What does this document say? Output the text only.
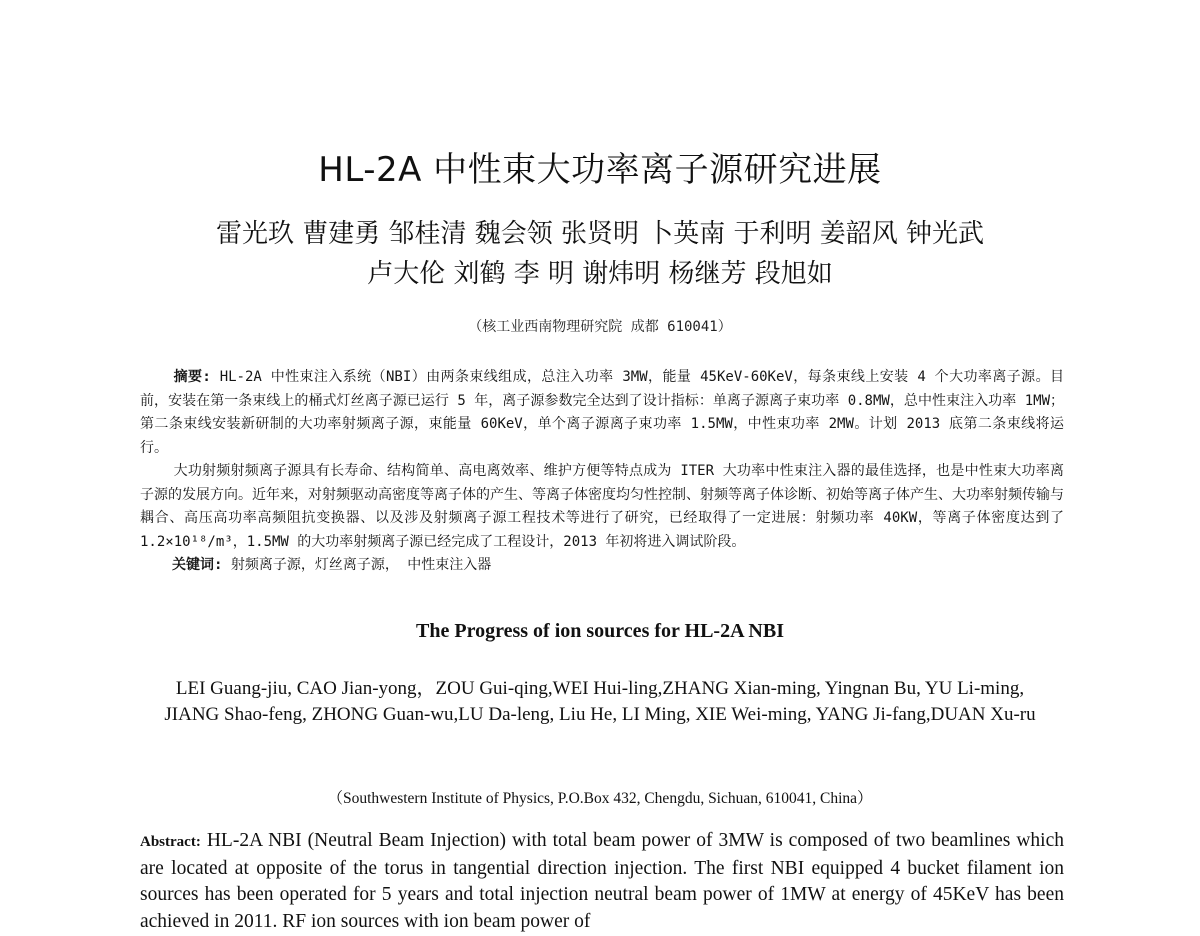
HL-2A 中性束大功率离子源研究进展
雷光玖 曹建勇 邹桂清 魏会领 张贤明 卜英南 于利明 姜韶风 钟光武
卢大伦 刘鹤 李 明 谢炜明 杨继芳 段旭如
（核工业西南物理研究院 成都 610041）

摘要: HL-2A 中性束注入系统（NBI）由两条束线组成，总注入功率 3MW，能量 45KeV-60KeV，每条束线上安装 4 个大功率离子源。目前，安装在第一条束线上的桶式灯丝离子源已运行 5 年，离子源参数完全达到了设计指标：单离子源离子束功率 0.8MW，总中性束注入功率 1MW；第二条束线安装新研制的大功率射频离子源，束能量 60KeV，单个离子源离子束功率 1.5MW，中性束功率 2MW。计划 2013 底第二条束线将运行。

大功射频射频离子源具有长寿命、结构简单、高电离效率、维护方便等特点成为 ITER 大功率中性束注入器的最佳选择，也是中性束大功率离子源的发展方向。近年来，对射频驱动高密度等离子体的产生、等离子体密度均匀性控制、射频等离子体诊断、初始等离子体产生、大功率射频传输与耦合、高压高功率高频阻抗变换器、以及涉及射频离子源工程技术等进行了研究，已经取得了一定进展：射频功率 40KW，等离子体密度达到了 1.2×10¹⁸/m³，1.5MW 的大功率射频离子源已经完成了工程设计，2013 年初将进入调试阶段。

关键词: 射频离子源，灯丝离子源， 中性束注入器

The Progress of ion sources for HL-2A NBI
LEI Guang-jiu, CAO Jian-yong，ZOU Gui-qing,WEI Hui-ling,ZHANG Xian-ming, Yingnan Bu, YU Li-ming, JIANG Shao-feng, ZHONG Guan-wu,LU Da-leng, Liu He, LI Ming, XIE Wei-ming, YANG Ji-fang,DUAN Xu-ru
（Southwestern Institute of Physics, P.O.Box 432, Chengdu, Sichuan, 610041, China）
Abstract: HL-2A NBI (Neutral Beam Injection) with total beam power of 3MW is composed of two beamlines which are located at opposite of the torus in tangential direction injection. The first NBI equipped 4 bucket filament ion sources has been operated for 5 years and total injection neutral beam power of 1MW at energy of 45KeV has been achieved in 2011. RF ion sources with ion beam power of
